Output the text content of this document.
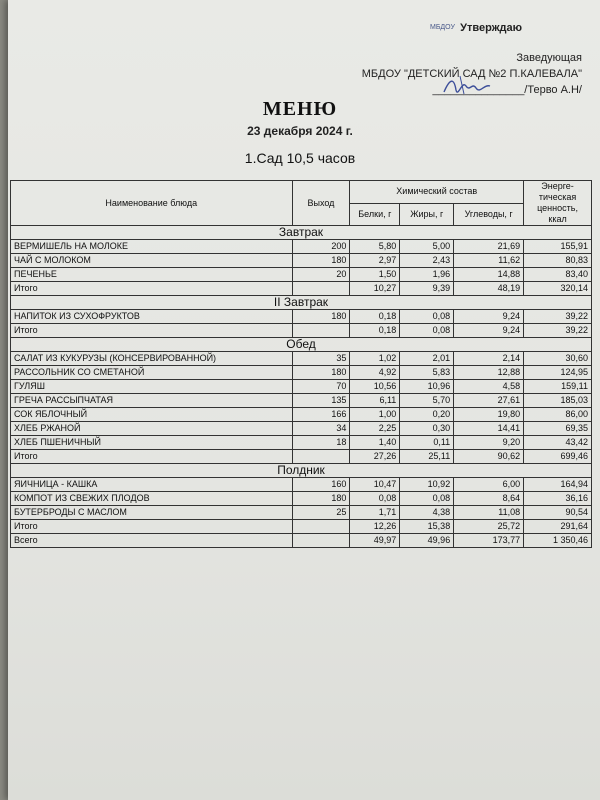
Утверждаю
Заведующая
МБДОУ "ДЕТСКИЙ САД №2 П.КАЛЕВАЛА"
_______________/Терво А.Н/
МБДОУ
МЕНЮ
23 декабря 2024 г.
1.Сад 10,5 часов
Наименование блюда	Выход	Химический состав			Энерге-тическая ценность, ккал
		Белки, г	Жиры, г	Углеводы, г	
Завтрак					
ВЕРМИШЕЛЬ НА МОЛОКЕ	200	5,80	5,00	21,69	155,91
ЧАЙ С МОЛОКОМ	180	2,97	2,43	11,62	80,83
ПЕЧЕНЬЕ	20	1,50	1,96	14,88	83,40
Итого		10,27	9,39	48,19	320,14
II Завтрак					
НАПИТОК ИЗ СУХОФРУКТОВ	180	0,18	0,08	9,24	39,22
Итого		0,18	0,08	9,24	39,22
Обед					
САЛАТ ИЗ КУКУРУЗЫ (КОНСЕРВИРОВАННОЙ)	35	1,02	2,01	2,14	30,60
РАССОЛЬНИК СО СМЕТАНОЙ	180	4,92	5,83	12,88	124,95
ГУЛЯШ	70	10,56	10,96	4,58	159,11
ГРЕЧА РАССЫПЧАТАЯ	135	6,11	5,70	27,61	185,03
СОК ЯБЛОЧНЫЙ	166	1,00	0,20	19,80	86,00
ХЛЕБ РЖАНОЙ	34	2,25	0,30	14,41	69,35
ХЛЕБ ПШЕНИЧНЫЙ	18	1,40	0,11	9,20	43,42
Итого		27,26	25,11	90,62	699,46
Полдник					
ЯИЧНИЦА - КАШКА	160	10,47	10,92	6,00	164,94
КОМПОТ ИЗ СВЕЖИХ ПЛОДОВ	180	0,08	0,08	8,64	36,16
БУТЕРБРОДЫ С МАСЛОМ	25	1,71	4,38	11,08	90,54
Итого		12,26	15,38	25,72	291,64
Всего		49,97	49,96	173,77	1 350,46
